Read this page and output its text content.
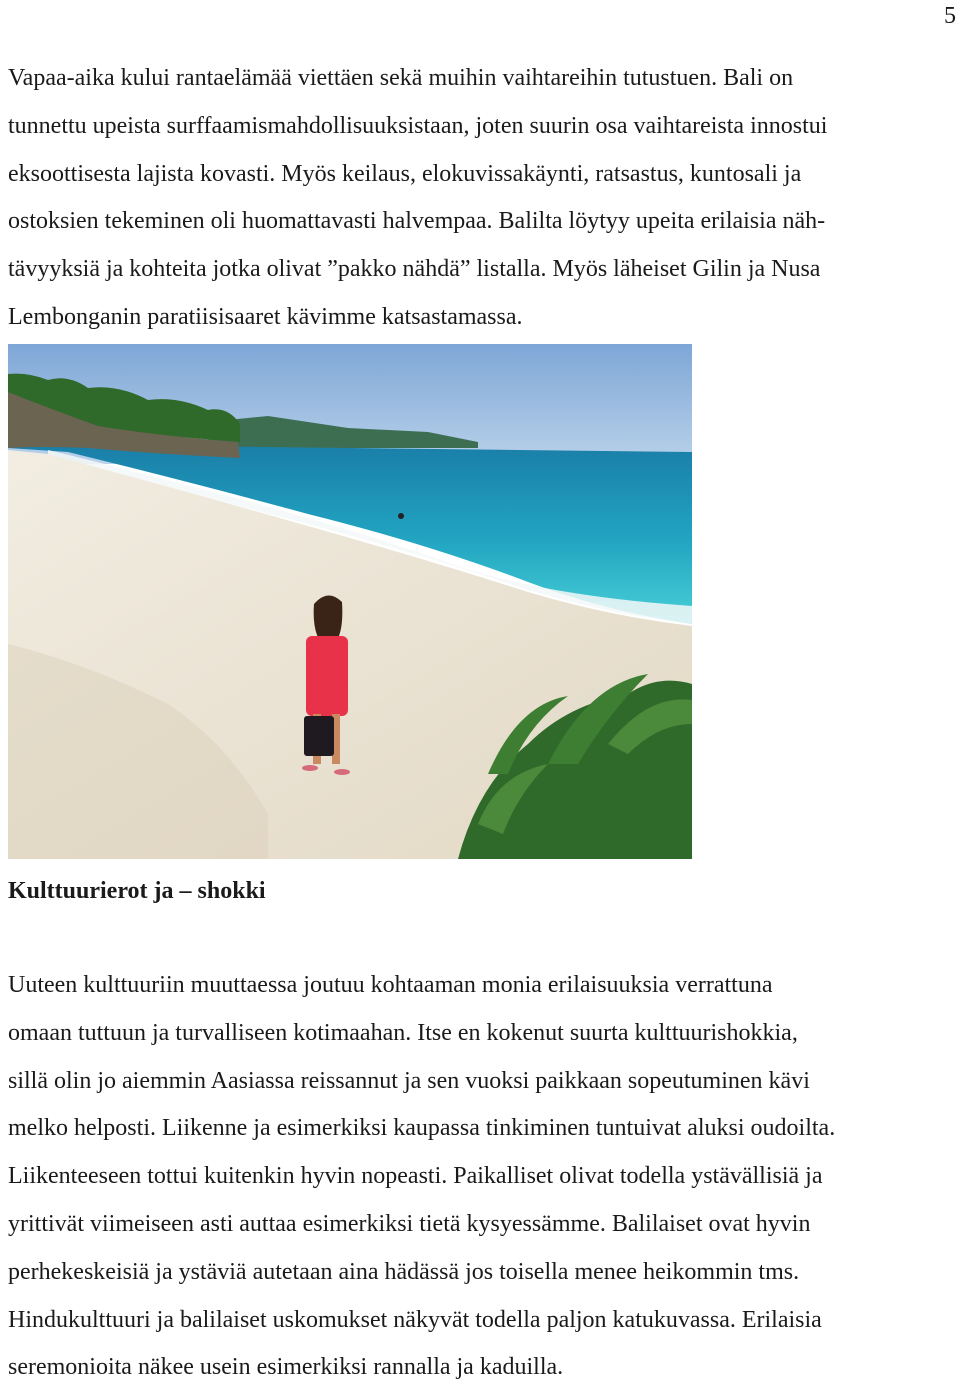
5

Vapaa-aika kului rantaelämää viettäen sekä muihin vaihtareihin tutustuen. Bali on
tunnettu upeista surffaamismahdollisuuksistaan, joten suurin osa vaihtareista innostui
eksoottisesta lajista kovasti. Myös keilaus, elokuvissakäynti, ratsastus, kuntosali ja
ostoksien tekeminen oli huomattavasti halvempaa. Balilta löytyy upeita erilaisia näh-
tävyyksiä ja kohteita jotka olivat ”pakko nähdä” listalla. Myös läheiset Gilin ja Nusa
Lembonganin paratiisisaaret kävimme katsastamassa.

Kulttuurierot ja – shokki

Uuteen kulttuuriin muuttaessa joutuu kohtaaman monia erilaisuuksia verrattuna
omaan tuttuun ja turvalliseen kotimaahan. Itse en kokenut suurta kulttuurishokkia,
sillä olin jo aiemmin Aasiassa reissannut ja sen vuoksi paikkaan sopeutuminen kävi
melko helposti. Liikenne ja esimerkiksi kaupassa tinkiminen tuntuivat aluksi oudoilta.
Liikenteeseen tottui kuitenkin hyvin nopeasti. Paikalliset olivat todella ystävällisiä ja
yrittivät viimeiseen asti auttaa esimerkiksi tietä kysyessämme. Balilaiset ovat hyvin
perhekeskeisiä ja ystäviä autetaan aina hädässä jos toisella menee heikommin tms.
Hindukulttuuri ja balilaiset uskomukset näkyvät todella paljon katukuvassa. Erilaisia
seremonioita näkee usein esimerkiksi rannalla ja kaduilla.
